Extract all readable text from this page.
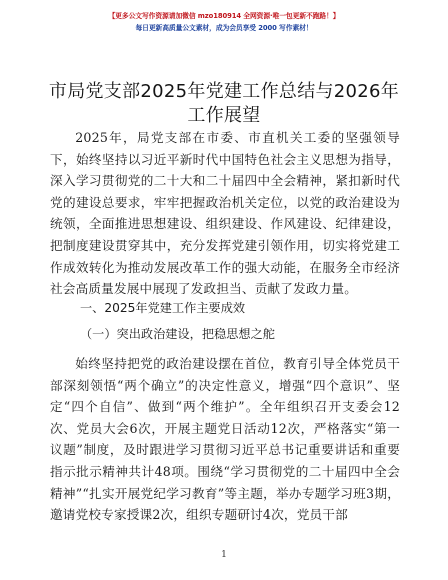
【更多公文写作资源请加微信 mzo180914 全网资源·唯一包更新不跑路！】
每日更新高质量公文素材，成为会员享受 2000 写作素材！
市局党支部2025年党建工作总结与2026年工作展望
2025年，局党支部在市委、市直机关工委的坚强领导下，始终坚持以习近平新时代中国特色社会主义思想为指导，深入学习贯彻党的二十大和二十届四中全会精神，紧扣新时代党的建设总要求，牢牢把握政治机关定位，以党的政治建设为统领，全面推进思想建设、组织建设、作风建设、纪律建设，把制度建设贯穿其中，充分发挥党建引领作用，切实将党建工作成效转化为推动发展改革工作的强大动能，在服务全市经济社会高质量发展中展现了发政担当、贡献了发政力量。
一、2025年党建工作主要成效
（一）突出政治建设，把稳思想之舵
始终坚持把党的政治建设摆在首位，教育引导全体党员干部深刻领悟“两个确立”的决定性意义，增强“四个意识”、坚定“四个自信”、做到“两个维护”。全年组织召开支委会12次、党员大会6次，开展主题党日活动12次，严格落实“第一议题”制度，及时跟进学习贯彻习近平总书记重要讲话和重要指示批示精神共计48项。围绕“学习贯彻党的二十届四中全会精神”“扎实开展党纪学习教育”等主题，举办专题学习班3期，邀请党校专家授课2次，组织专题研讨4次，党员干部
1
